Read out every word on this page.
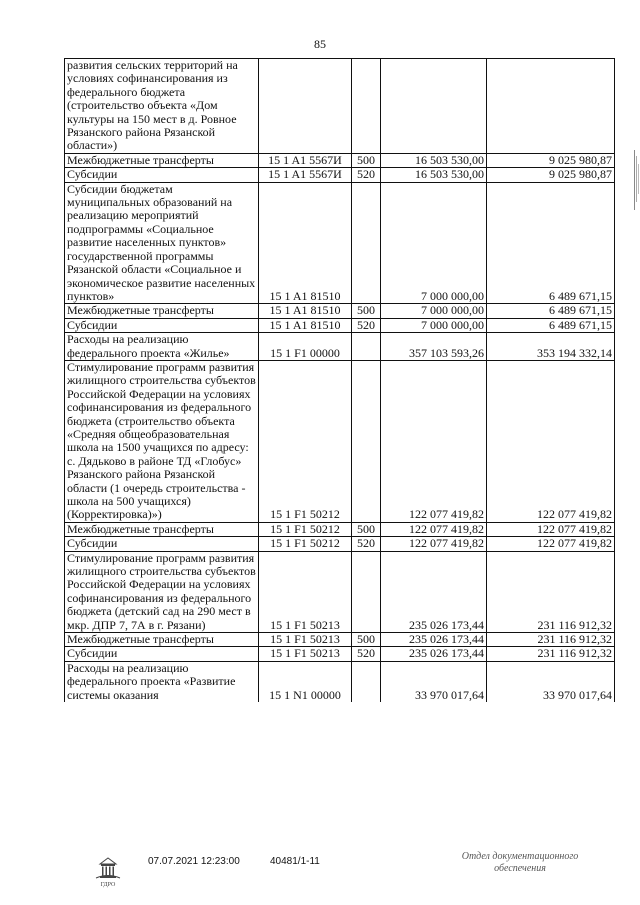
85
развития сельских территорий на условиях софинансирования из федерального бюджета (строительство объекта «Дом культуры на 150 мест в д. Ровное Рязанского района Рязанской области»)				
Межбюджетные трансферты	15 1 A1 5567И	500	16 503 530,00	9 025 980,87
Субсидии	15 1 A1 5567И	520	16 503 530,00	9 025 980,87
Субсидии бюджетам муниципальных образований на реализацию мероприятий подпрограммы «Социальное развитие населенных пунктов» государственной программы Рязанской области «Социальное и экономическое развитие населенных пунктов»	15 1 A1 81510		7 000 000,00	6 489 671,15
Межбюджетные трансферты	15 1 A1 81510	500	7 000 000,00	6 489 671,15
Субсидии	15 1 A1 81510	520	7 000 000,00	6 489 671,15
Расходы на реализацию федерального проекта «Жилье»	15 1 F1 00000		357 103 593,26	353 194 332,14
Стимулирование программ развития жилищного строительства субъектов Российской Федерации на условиях софинансирования из федерального бюджета (строительство объекта «Средняя общеобразовательная школа на 1500 учащихся по адресу: с. Дядьково в районе ТД «Глобус» Рязанского района Рязанской области (1 очередь строительства - школа на 500 учащихся) (Корректировка)»)	15 1 F1 50212		122 077 419,82	122 077 419,82
Межбюджетные трансферты	15 1 F1 50212	500	122 077 419,82	122 077 419,82
Субсидии	15 1 F1 50212	520	122 077 419,82	122 077 419,82
Стимулирование программ развития жилищного строительства субъектов Российской Федерации на условиях софинансирования из федерального бюджета (детский сад на 290 мест в мкр. ДПР 7, 7А в г. Рязани)	15 1 F1 50213		235 026 173,44	231 116 912,32
Межбюджетные трансферты	15 1 F1 50213	500	235 026 173,44	231 116 912,32
Субсидии	15 1 F1 50213	520	235 026 173,44	231 116 912,32
Расходы на реализацию федерального проекта «Развитие системы оказания	15 1 N1 00000		33 970 017,64	33 970 017,64
ГДРО
07.07.2021 12:23:00	40481/1-11	Отдел документационного обеспечения
